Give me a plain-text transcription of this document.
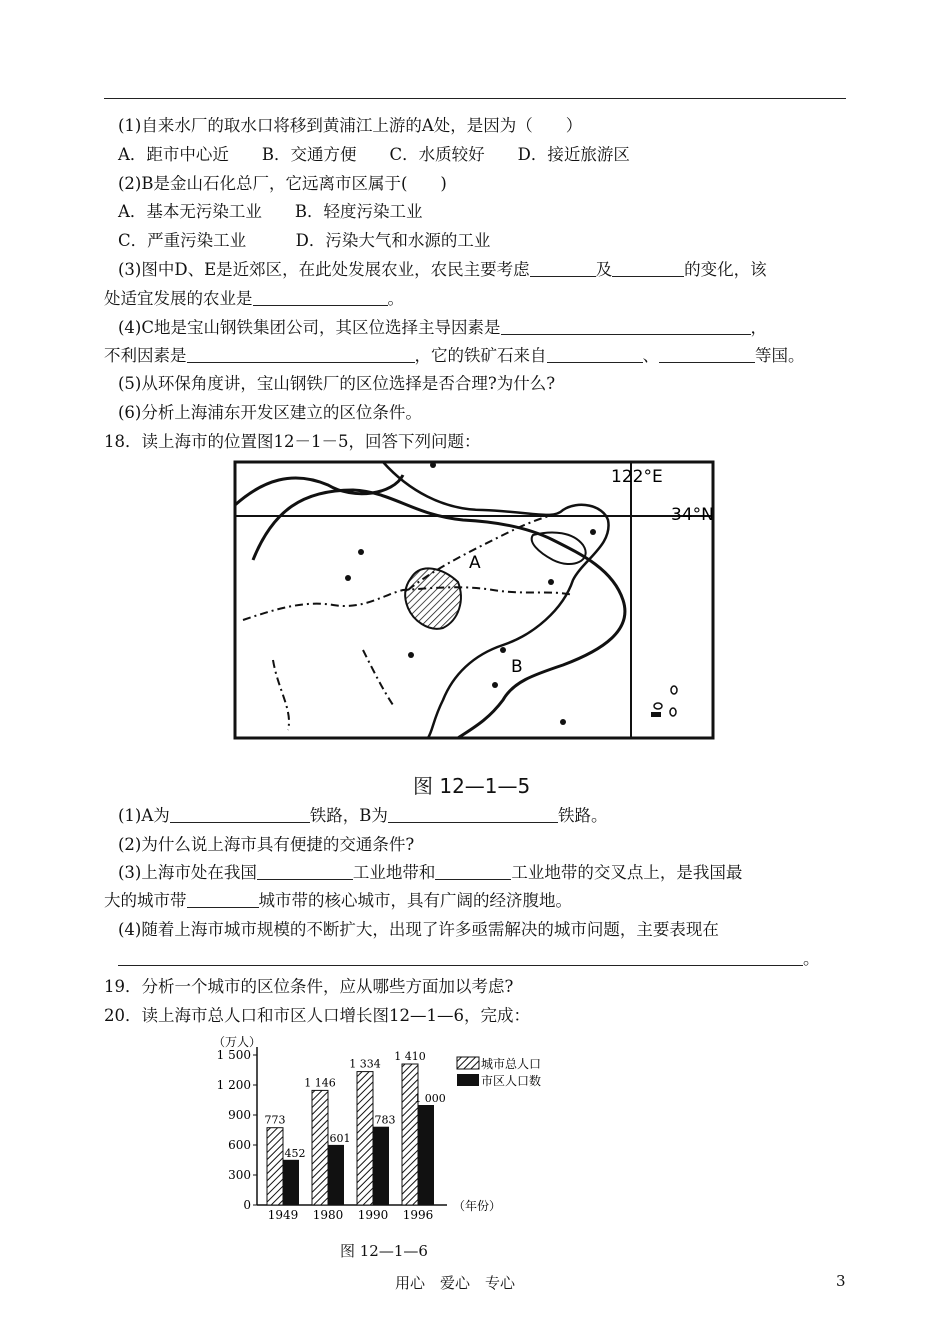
(1)自来水厂的取水口将移到黄浦江上游的A处，是因为（　　）
A．距市中心近　　B．交通方便　　C．水质较好　　D．接近旅游区
(2)B是金山石化总厂，它远离市区属于(　　)
A．基本无污染工业　　B．轻度污染工业
C．严重污染工业　　　D．污染大气和水源的工业
(3)图中D、E是近郊区，在此处发展农业，农民主要考虑	及	的变化，该
处适宜发展的农业是	。
(4)C地是宝山钢铁集团公司，其区位选择主导因素是	，
不利因素是	，它的铁矿石来自	、	等国。
(5)从环保角度讲，宝山钢铁厂的区位选择是否合理?为什么?
(6)分析上海浦东开发区建立的区位条件。
18．读上海市的位置图12－1－5，回答下列问题：
122°E
34°N
A
B
图 12—1—5
(1)A为	铁路，B为	铁路。
(2)为什么说上海市具有便捷的交通条件?
(3)上海市处在我国	工业地带和	工业地带的交叉点上，是我国最
大的城市带	城市带的核心城市，具有广阔的经济腹地。
(4)随着上海市城市规模的不断扩大，出现了许多亟需解决的城市问题，主要表现在
。
19．分析一个城市的区位条件，应从哪些方面加以考虑?
20．读上海市总人口和市区人口增长图12—1—6，完成：
（万人）
（年份）
0
300
600
900
1 200
1 500
773
452
1949
1 146
601
1980
1 334
783
1990
1 410
1 000
1996
城市总人口
市区人口数
图 12—1—6
用心　爱心　专心	3
